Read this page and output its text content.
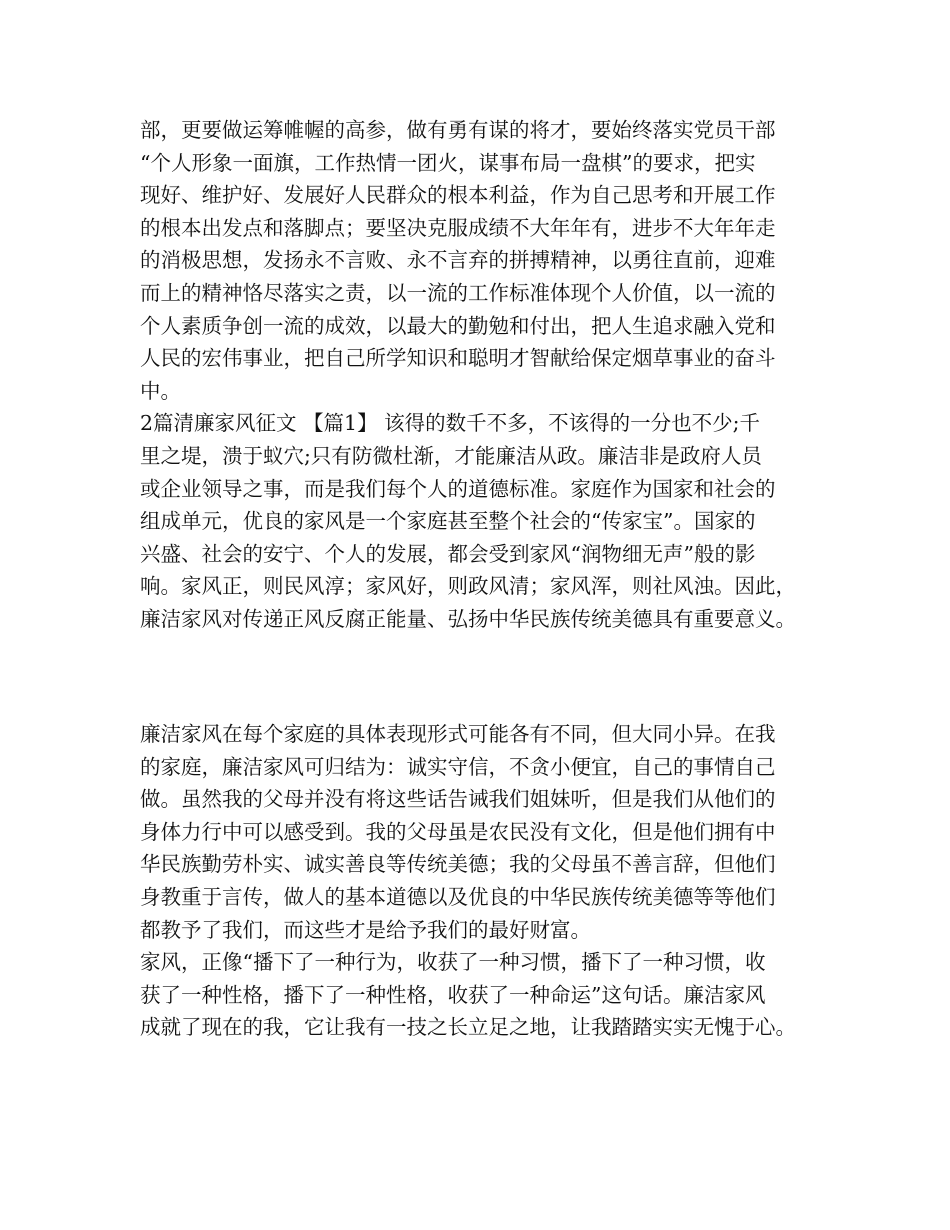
部，更要做运筹帷幄的高参，做有勇有谋的将才，要始终落实党员干部
“个人形象一面旗，工作热情一团火，谋事布局一盘棋”的要求，把实
现好、维护好、发展好人民群众的根本利益，作为自己思考和开展工作
的根本出发点和落脚点；要坚决克服成绩不大年年有，进步不大年年走
的消极思想，发扬永不言败、永不言弃的拼搏精神，以勇往直前，迎难
而上的精神恪尽落实之责，以一流的工作标准体现个人价值，以一流的
个人素质争创一流的成效，以最大的勤勉和付出，把人生追求融入党和
人民的宏伟事业，把自己所学知识和聪明才智献给保定烟草事业的奋斗
中。
2篇清廉家风征文 【篇1】 该得的数千不多，不该得的一分也不少;千
里之堤，溃于蚁穴;只有防微杜渐，才能廉洁从政。廉洁非是政府人员
或企业领导之事，而是我们每个人的道德标准。家庭作为国家和社会的
组成单元，优良的家风是一个家庭甚至整个社会的“传家宝”。国家的
兴盛、社会的安宁、个人的发展，都会受到家风“润物细无声”般的影
响。家风正，则民风淳；家风好，则政风清；家风浑，则社风浊。因此，
廉洁家风对传递正风反腐正能量、弘扬中华民族传统美德具有重要意义。
廉洁家风在每个家庭的具体表现形式可能各有不同，但大同小异。在我
的家庭，廉洁家风可归结为：诚实守信，不贪小便宜，自己的事情自己
做。虽然我的父母并没有将这些话告诫我们姐妹听，但是我们从他们的
身体力行中可以感受到。我的父母虽是农民没有文化，但是他们拥有中
华民族勤劳朴实、诚实善良等传统美德；我的父母虽不善言辞，但他们
身教重于言传，做人的基本道德以及优良的中华民族传统美德等等他们
都教予了我们，而这些才是给予我们的最好财富。
家风，正像“播下了一种行为，收获了一种习惯，播下了一种习惯，收
获了一种性格，播下了一种性格，收获了一种命运”这句话。廉洁家风
成就了现在的我，它让我有一技之长立足之地，让我踏踏实实无愧于心。
